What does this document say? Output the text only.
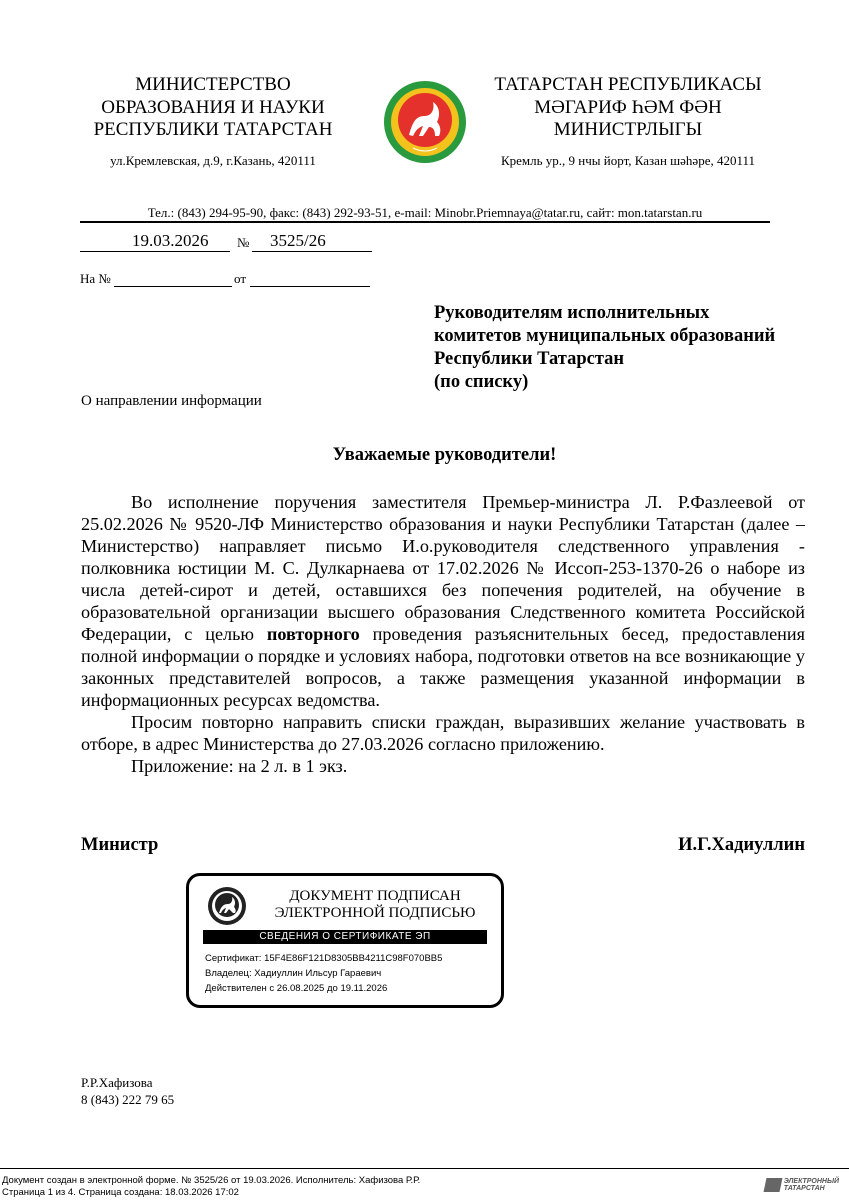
МИНИСТЕРСТВО
ОБРАЗОВАНИЯ И НАУКИ
РЕСПУБЛИКИ ТАТАРСТАН
ул.Кремлевская, д.9, г.Казань, 420111
ТАТАРСТАН РЕСПУБЛИКАСЫ
МӘГАРИФ ҺӘМ ФӘН
МИНИСТРЛЫГЫ
Кремль ур., 9 нчы йорт, Казан шәһәре, 420111
Тел.: (843) 294-95-90, факс: (843) 292-93-51, e-mail: Minobr.Priemnaya@tatar.ru, сайт: mon.tatarstan.ru
19.03.2026 № 3525/26
На №	от
Руководителям исполнительных
комитетов муниципальных образований
Республики Татарстан
(по списку)
О направлении информации
Уважаемые руководители!

Во исполнение поручения заместителя Премьер-министра Л. Р.Фазлеевой от 25.02.2026 № 9520-ЛФ Министерство образования и науки Республики Татарстан (далее – Министерство) направляет письмо И.о.руководителя следственного управления - полковника юстиции М. С. Дулкарнаева от 17.02.2026 № Иссоп-253-1370-26 о наборе из числа детей-сирот и детей, оставшихся без попечения родителей, на обучение в образовательной организации высшего образования Следственного комитета Российской Федерации, с целью повторного проведения разъяснительных бесед, предоставления полной информации о порядке и условиях набора, подготовки ответов на все возникающие у законных представителей вопросов, а также размещения указанной информации в информационных ресурсах ведомства.

Просим повторно направить списки граждан, выразивших желание участвовать в отборе, в адрес Министерства до 27.03.2026 согласно приложению.

Приложение: на 2 л. в 1 экз.

Министр	И.Г.Хадиуллин
ДОКУМЕНТ ПОДПИСАН
ЭЛЕКТРОННОЙ ПОДПИСЬЮ
СВЕДЕНИЯ О СЕРТИФИКАТЕ ЭП
Сертификат: 15F4E86F121D8305BB4211C98F070BB5
Владелец: Хадиуллин Ильсур Гараевич
Действителен с 26.08.2025 до 19.11.2026
Р.Р.Хафизова
8 (843) 222 79 65
Документ создан в электронной форме. № 3525/26 от 19.03.2026. Исполнитель: Хафизова Р.Р.
Страница 1 из 4. Страница создана: 18.03.2026 17:02
ЭЛЕКТРОННЫЙ
ТАТАРСТАН
